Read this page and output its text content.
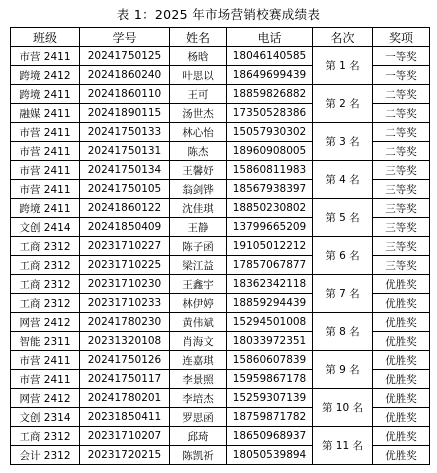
表 1：2025 年市场营销校赛成绩表
班级	学号	姓名	电话	名次	奖项
市营 2411	20241750125	杨晗	18046140585	第 1 名	一等奖
跨境 2412	20241860240	叶思以	18649699439		一等奖
跨境 2411	20241860110	王可	18859826882	第 2 名	二等奖
融媒 2411	20241890115	汤世杰	17350528386		二等奖
市营 2411	20241750133	林心怡	15057930302	第 3 名	二等奖
市营 2411	20241750131	陈杰	18960908005		二等奖
市营 2411	20241750134	王馨妤	15860811983	第 4 名	三等奖
市营 2411	20241750105	翁剑铧	18567938397		三等奖
跨境 2411	20241860122	沈佳琪	18850230802	第 5 名	三等奖
文创 2414	20241850409	王静	13799665209		三等奖
工商 2312	20231710227	陈子函	19105012212	第 6 名	三等奖
工商 2312	20231710225	梁江益	17857067877		三等奖
工商 2312	20231710230	王鑫宇	18362342118	第 7 名	优胜奖
工商 2312	20231710233	林伊婷	18859294439		优胜奖
网营 2412	20241780230	黄伟斌	15294501008	第 8 名	优胜奖
智能 2311	20231320108	肖海文	18033972351		优胜奖
市营 2411	20241750126	连嘉琪	15860607839	第 9 名	优胜奖
市营 2411	20241750117	李景照	15959867178		优胜奖
网营 2412	20241780201	李培杰	15259307139	第 10 名	优胜奖
文创 2314	20231850411	罗思函	18759871782		优胜奖
工商 2312	20231710207	邱琦	18650968937	第 11 名	优胜奖
会计 2312	20231720215	陈凯祈	18050539894		优胜奖
